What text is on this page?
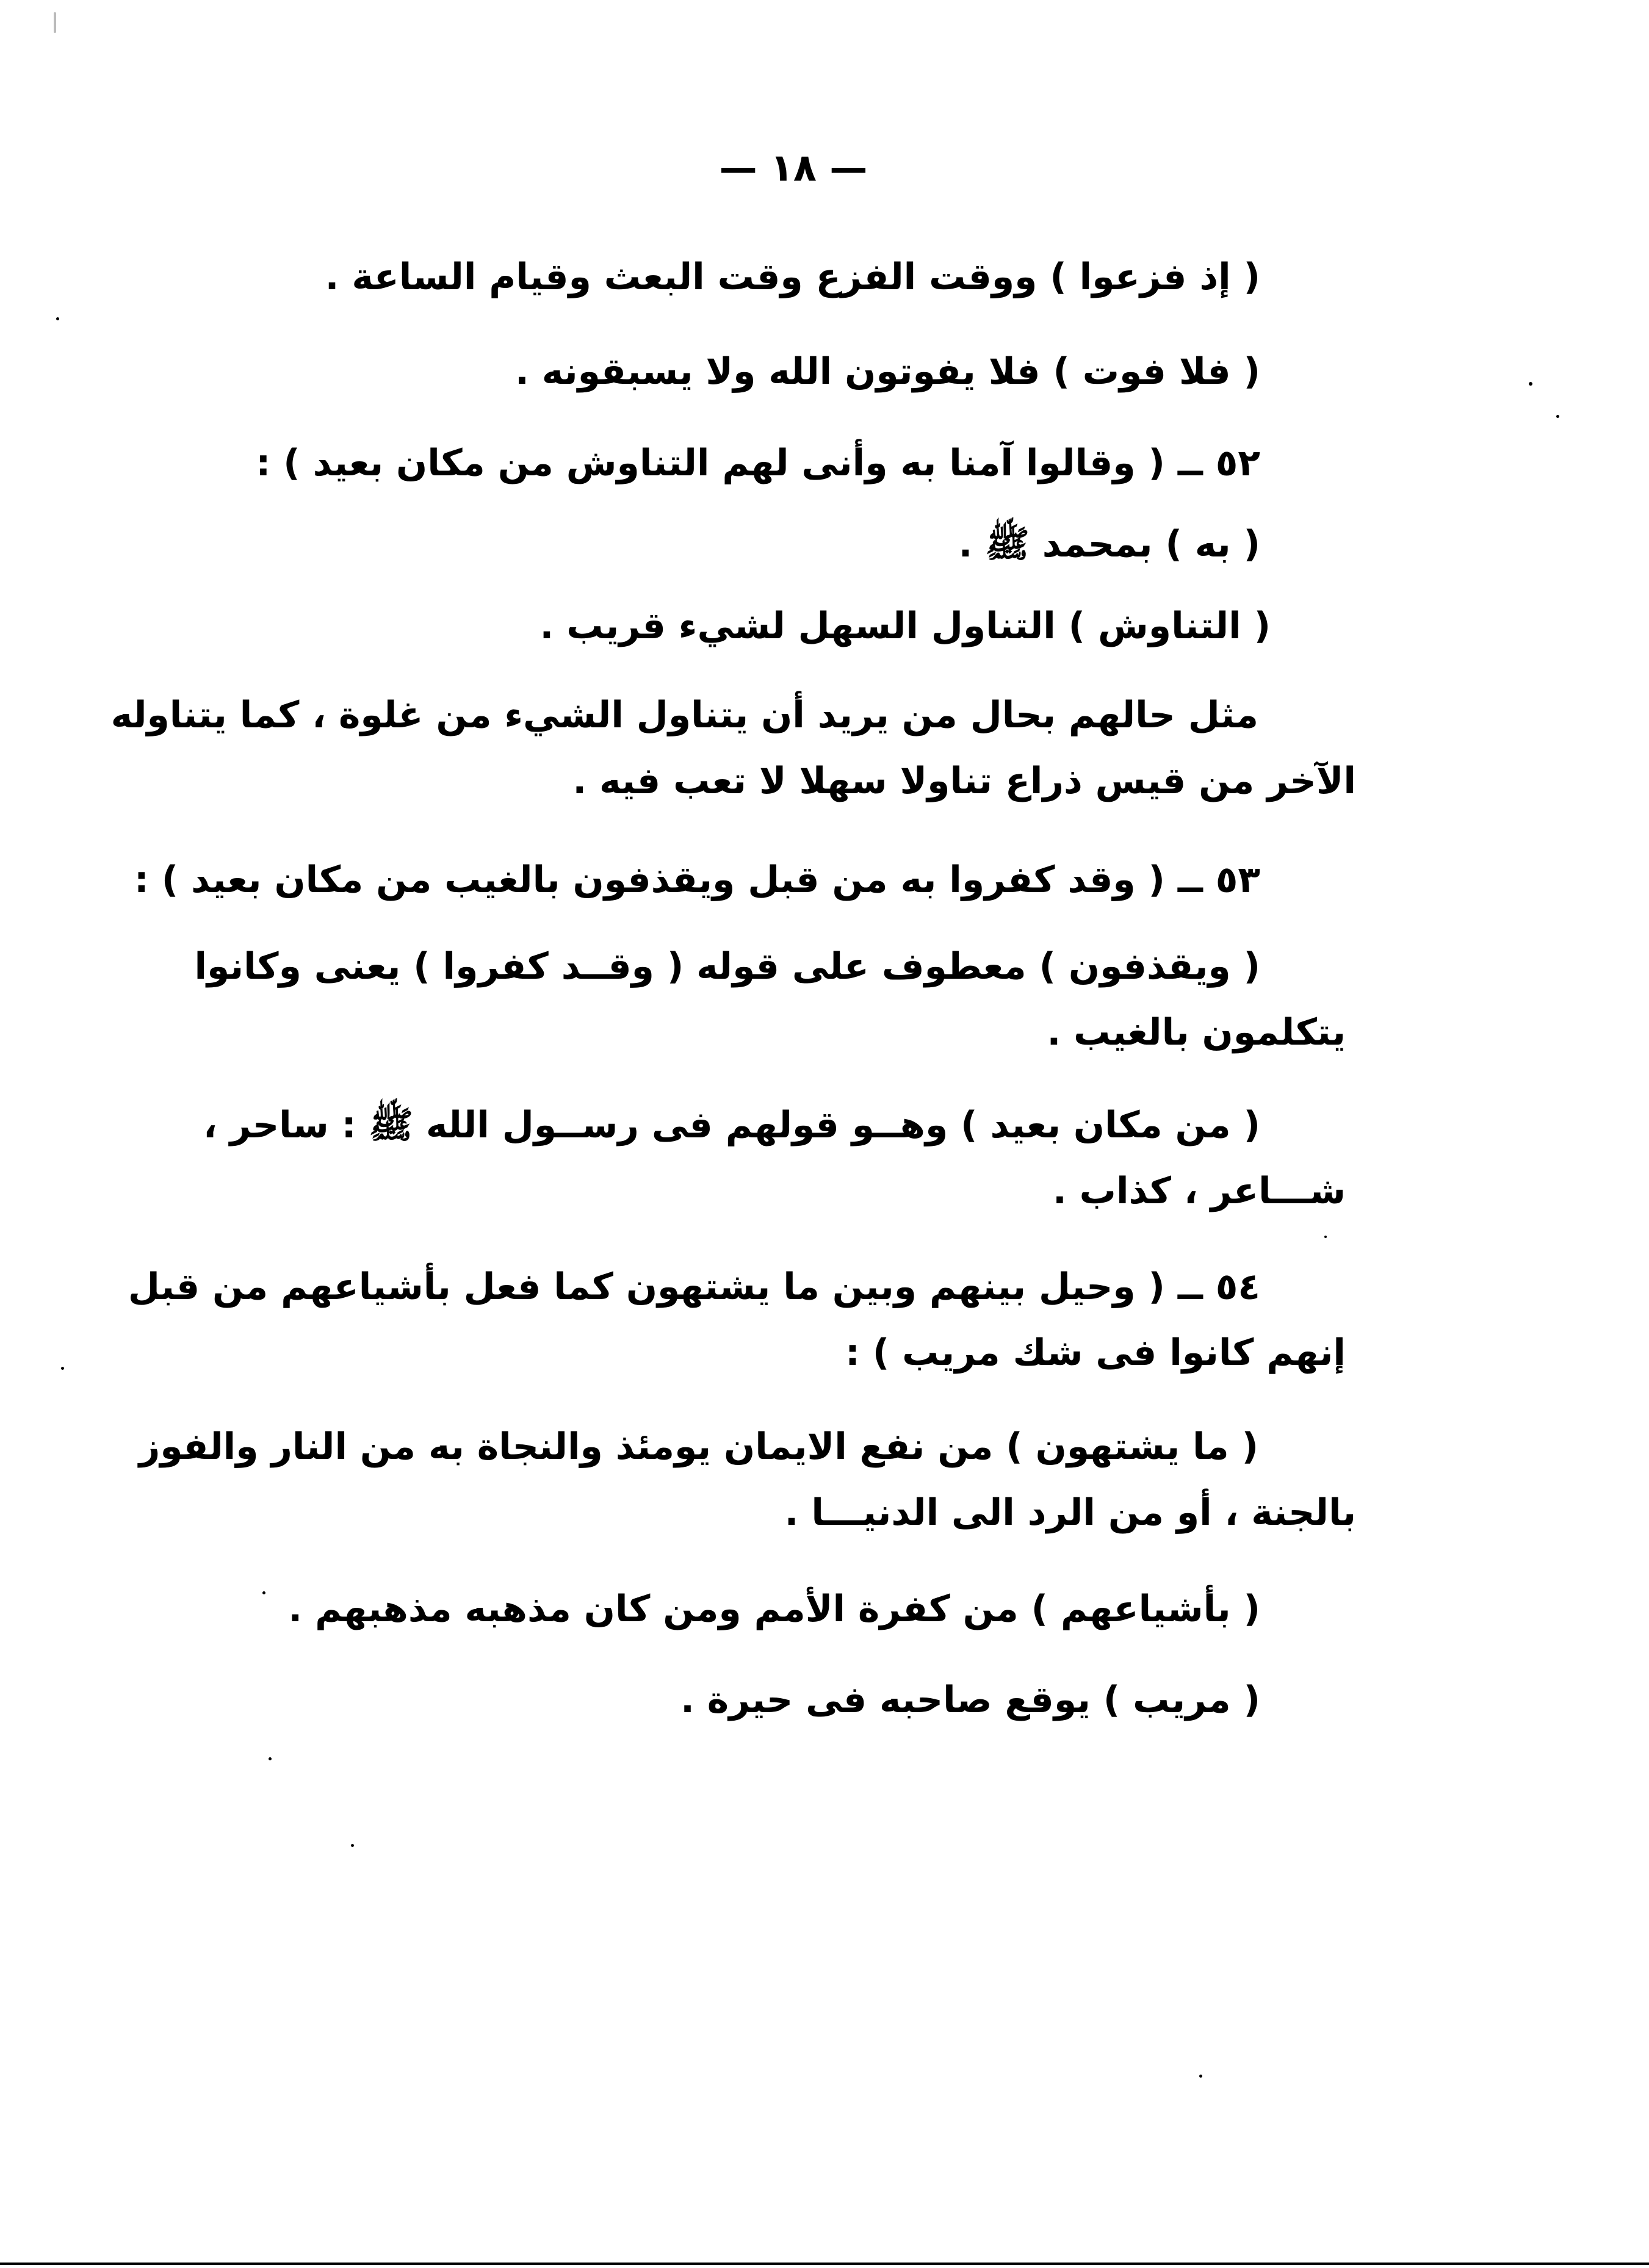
— ١٨ —
( إذ فزعوا ) ووقت الفزع وقت البعث وقيام الساعة .
( فلا فوت ) فلا يفوتون الله ولا يسبقونه .
٥٢ ــ ( وقالوا آمنا به وأنى لهم التناوش من مكان بعيد ) :
( به ) بمحمد ﷺ .
( التناوش ) التناول السهل لشيء قريب .
مثل حالهم بحال من يريد أن يتناول الشيء من غلوة ، كما يتناوله
الآخر من قيس ذراع تناولا سهلا لا تعب فيه .
٥٣ ــ ( وقد كفروا به من قبل ويقذفون بالغيب من مكان بعيد ) :
( ويقذفون ) معطوف على قوله ( وقــد كفروا ) يعنى وكانوا
يتكلمون بالغيب .
( من مكان بعيد ) وهــو قولهم فى رســول الله ﷺ : ساحر ،
شـــاعر ، كذاب .
٥٤ ــ ( وحيل بينهم وبين ما يشتهون كما فعل بأشياعهم من قبل
إنهم كانوا فى شك مريب ) :
( ما يشتهون ) من نفع الايمان يومئذ والنجاة به من النار والفوز
بالجنة ، أو من الرد الى الدنيـــا .
( بأشياعهم ) من كفرة الأمم ومن كان مذهبه مذهبهم .
( مريب ) يوقع صاحبه فى حيرة .
